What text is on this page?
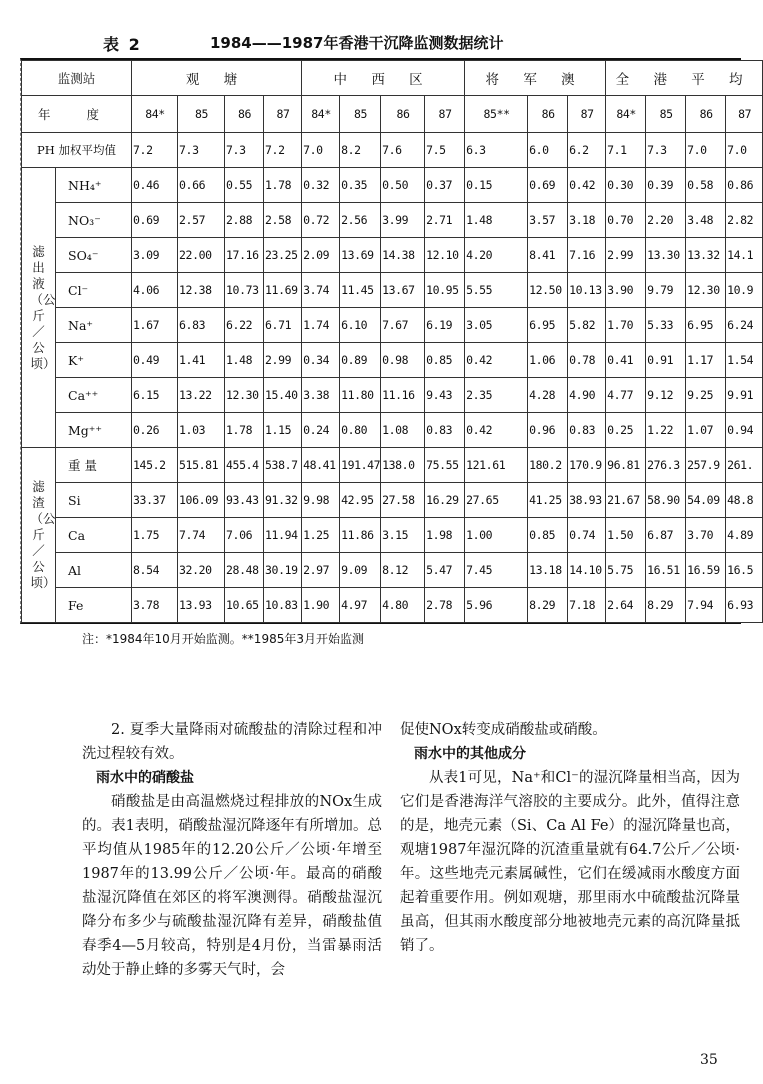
表 2	1984——1987年香港干沉降监测数据统计
监测站		观 塘				中 西 区				将 军 澳			全 港 平 均			
年 度		84*	85	86	87	84*	85	86	87	85**	86	87	84*	85	86	87
PH 加权平均值		7.2	7.3	7.3	7.2	7.0	8.2	7.6	7.5	6.3	6.0	6.2	7.1	7.3	7.0	7.0
滤出液（公斤／公顷）	NH₄⁺	0.46	0.66	0.55	1.78	0.32	0.35	0.50	0.37	0.15	0.69	0.42	0.30	0.39	0.58	0.86
	NO₃⁻	0.69	2.57	2.88	2.58	0.72	2.56	3.99	2.71	1.48	3.57	3.18	0.70	2.20	3.48	2.82
	SO₄⁻	3.09	22.00	17.16	23.25	2.09	13.69	14.38	12.10	4.20	8.41	7.16	2.99	13.30	13.32	14.1
	Cl⁻	4.06	12.38	10.73	11.69	3.74	11.45	13.67	10.95	5.55	12.50	10.13	3.90	9.79	12.30	10.9
	Na⁺	1.67	6.83	6.22	6.71	1.74	6.10	7.67	6.19	3.05	6.95	5.82	1.70	5.33	6.95	6.24
	K⁺	0.49	1.41	1.48	2.99	0.34	0.89	0.98	0.85	0.42	1.06	0.78	0.41	0.91	1.17	1.54
	Ca⁺⁺	6.15	13.22	12.30	15.40	3.38	11.80	11.16	9.43	2.35	4.28	4.90	4.77	9.12	9.25	9.91
	Mg⁺⁺	0.26	1.03	1.78	1.15	0.24	0.80	1.08	0.83	0.42	0.96	0.83	0.25	1.22	1.07	0.94
滤渣（公斤／公顷）	重 量	145.2	515.81	455.4	538.7	48.41	191.47	138.0	75.55	121.61	180.2	170.9	96.81	276.3	257.9	261.
	Si	33.37	106.09	93.43	91.32	9.98	42.95	27.58	16.29	27.65	41.25	38.93	21.67	58.90	54.09	48.8
	Ca	1.75	7.74	7.06	11.94	1.25	11.86	3.15	1.98	1.00	0.85	0.74	1.50	6.87	3.70	4.89
	Al	8.54	32.20	28.48	30.19	2.97	9.09	8.12	5.47	7.45	13.18	14.10	5.75	16.51	16.59	16.5
	Fe	3.78	13.93	10.65	10.83	1.90	4.97	4.80	2.78	5.96	8.29	7.18	2.64	8.29	7.94	6.93
注：*1984年10月开始监测。**1985年3月开始监测

2. 夏季大量降雨对硫酸盐的清除过程和冲洗过程较有效。

雨水中的硝酸盐

硝酸盐是由高温燃烧过程排放的NOx生成的。表1表明，硝酸盐湿沉降逐年有所增加。总平均值从1985年的12.20公斤／公顷·年增至1987年的13.99公斤／公顷·年。最高的硝酸盐湿沉降值在郊区的将军澳测得。硝酸盐湿沉降分布多少与硫酸盐湿沉降有差异，硝酸盐值春季4—5月较高，特别是4月份，当雷暴雨活动处于静止蜂的多雾天气时，会

促使NOx转变成硝酸盐或硝酸。

雨水中的其他成分

从表1可见，Na⁺和Cl⁻的湿沉降量相当高，因为它们是香港海洋气溶胶的主要成分。此外，值得注意的是，地壳元素（Si、Ca Al Fe）的湿沉降量也高，观塘1987年湿沉降的沉渣重量就有64.7公斤／公顷·年。这些地壳元素属碱性，它们在缓减雨水酸度方面起着重要作用。例如观塘，那里雨水中硫酸盐沉降量虽高，但其雨水酸度部分地被地壳元素的高沉降量抵销了。

35
